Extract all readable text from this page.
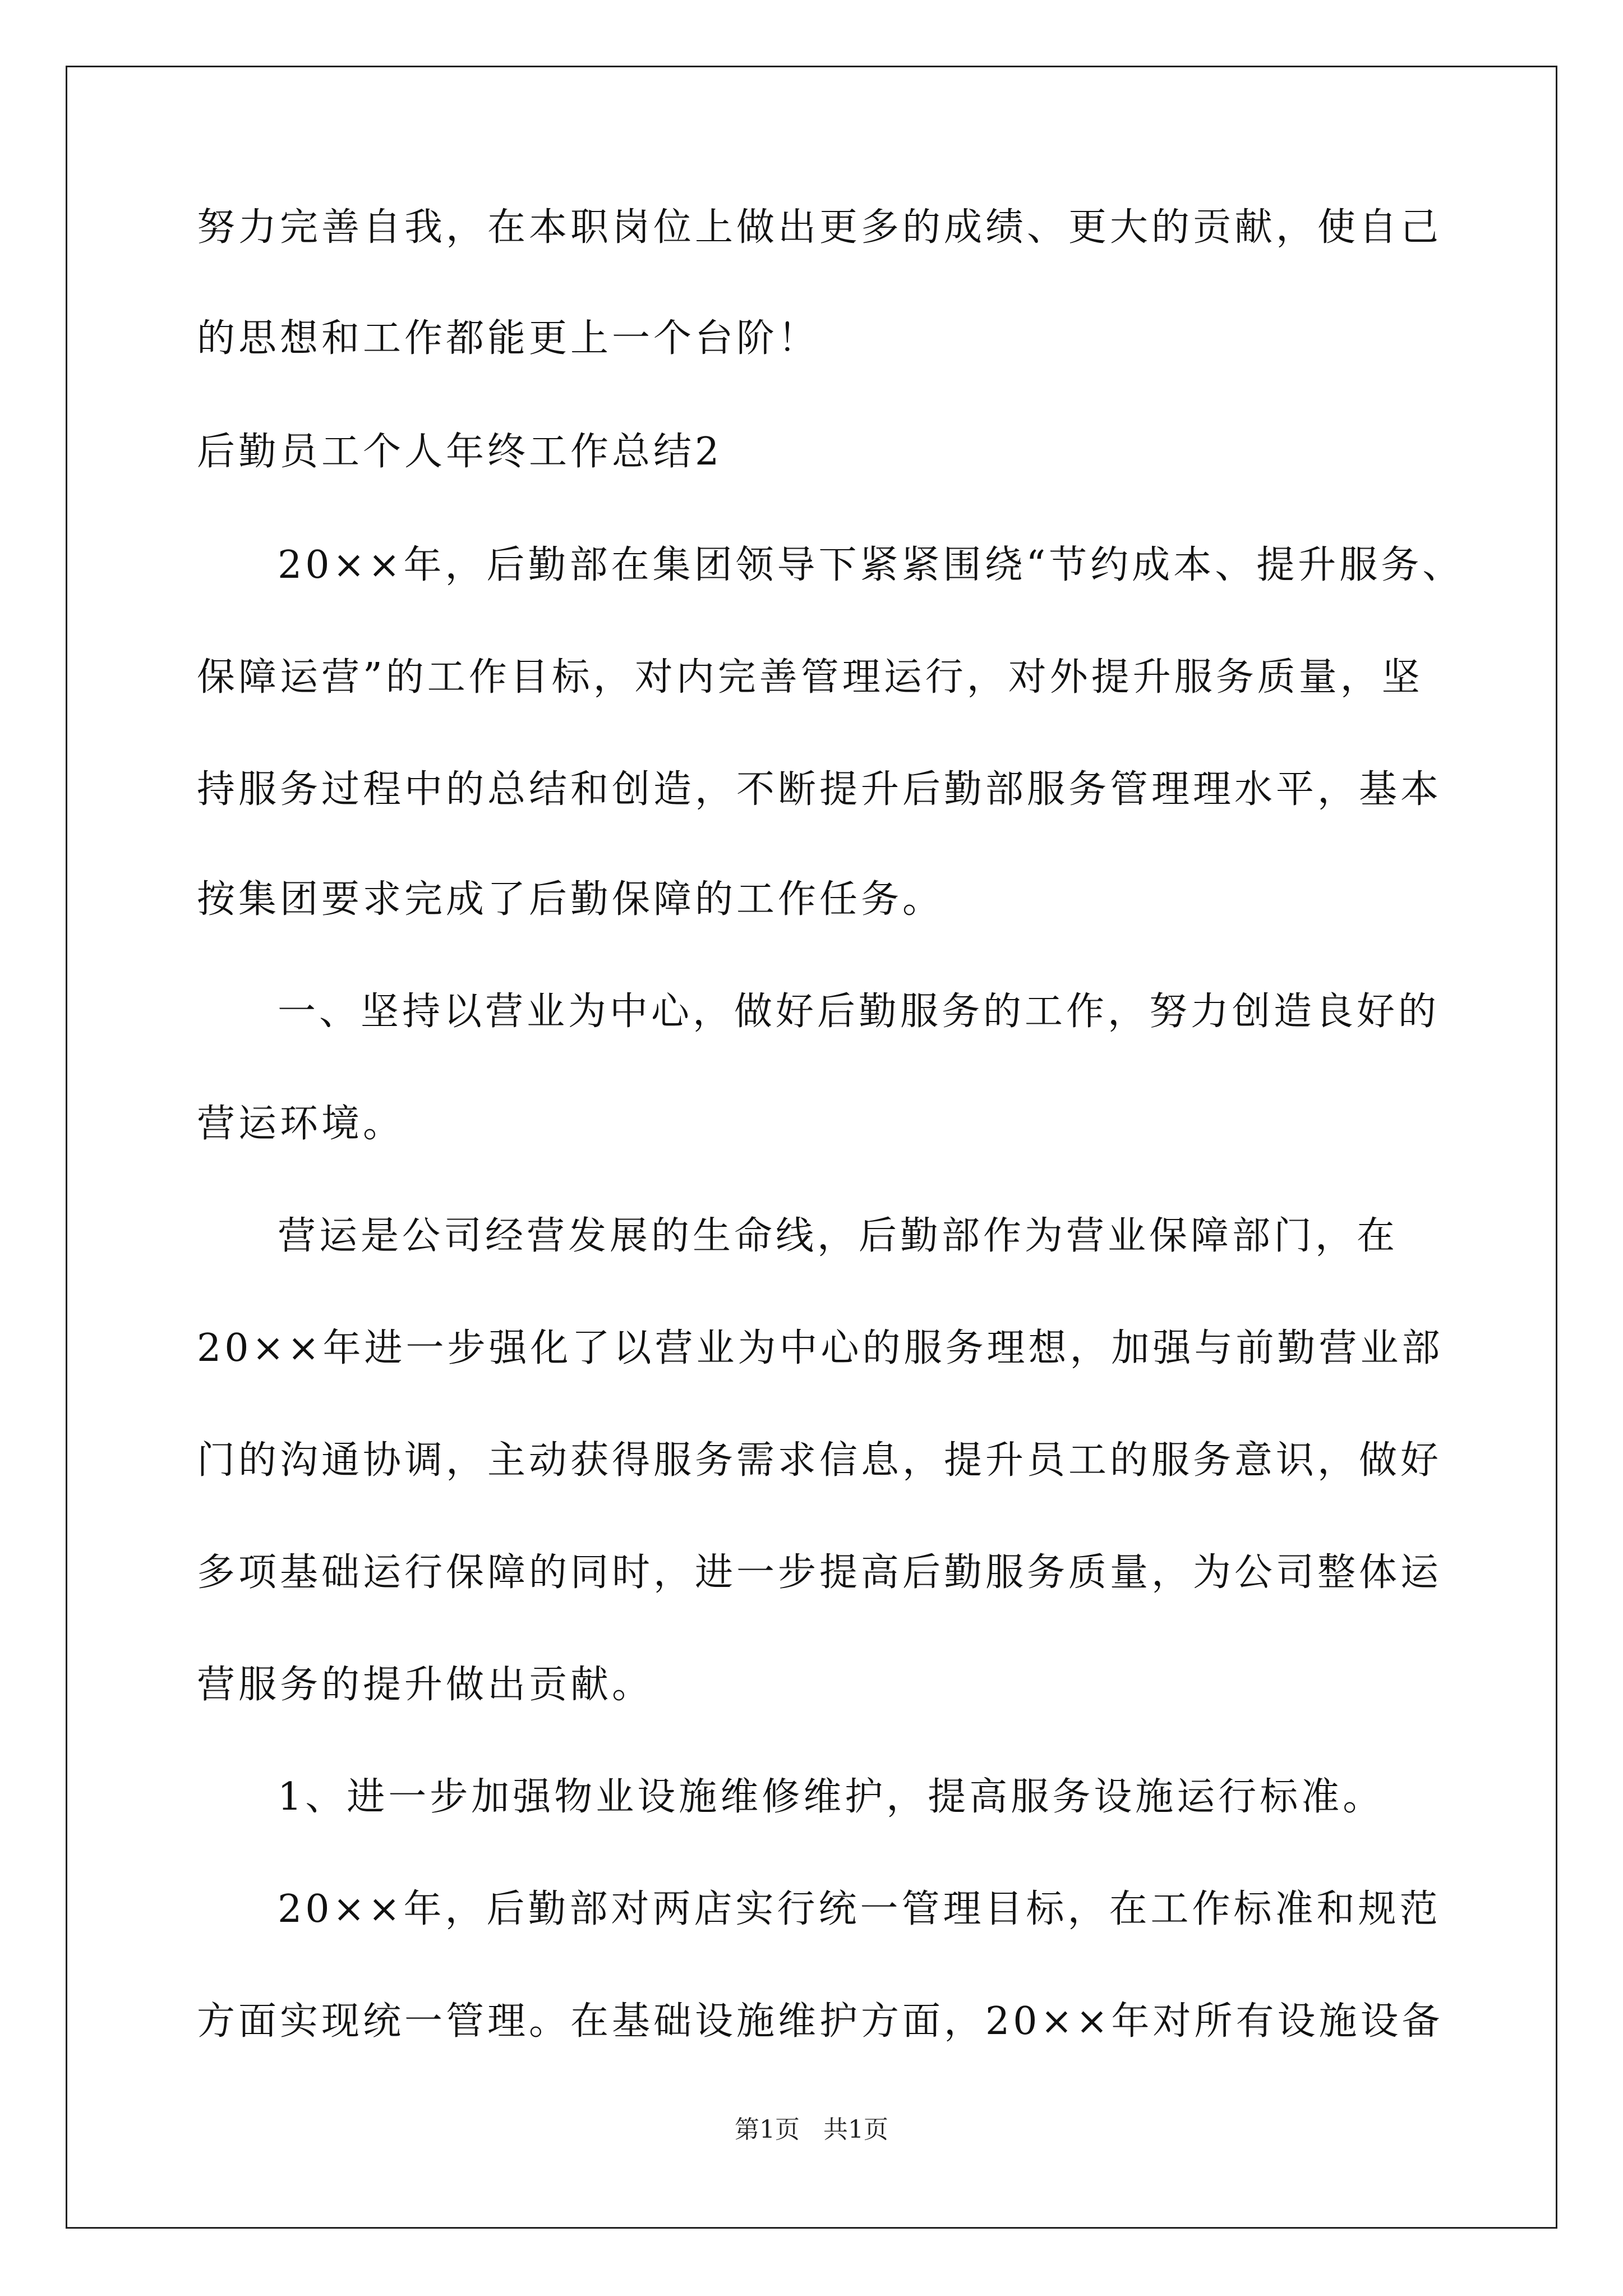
努力完善自我，在本职岗位上做出更多的成绩、更大的贡献，使自己
的思想和工作都能更上一个台阶！
后勤员工个人年终工作总结2
20××年，后勤部在集团领导下紧紧围绕“节约成本、提升服务、
保障运营”的工作目标，对内完善管理运行，对外提升服务质量，坚
持服务过程中的总结和创造，不断提升后勤部服务管理理水平，基本
按集团要求完成了后勤保障的工作任务。
一、坚持以营业为中心，做好后勤服务的工作，努力创造良好的
营运环境。
营运是公司经营发展的生命线，后勤部作为营业保障部门，在
20××年进一步强化了以营业为中心的服务理想，加强与前勤营业部
门的沟通协调，主动获得服务需求信息，提升员工的服务意识，做好
多项基础运行保障的同时，进一步提高后勤服务质量，为公司整体运
营服务的提升做出贡献。
1、进一步加强物业设施维修维护，提高服务设施运行标准。
20××年，后勤部对两店实行统一管理目标，在工作标准和规范
方面实现统一管理。在基础设施维护方面，20××年对所有设施设备
第1页   共1页
